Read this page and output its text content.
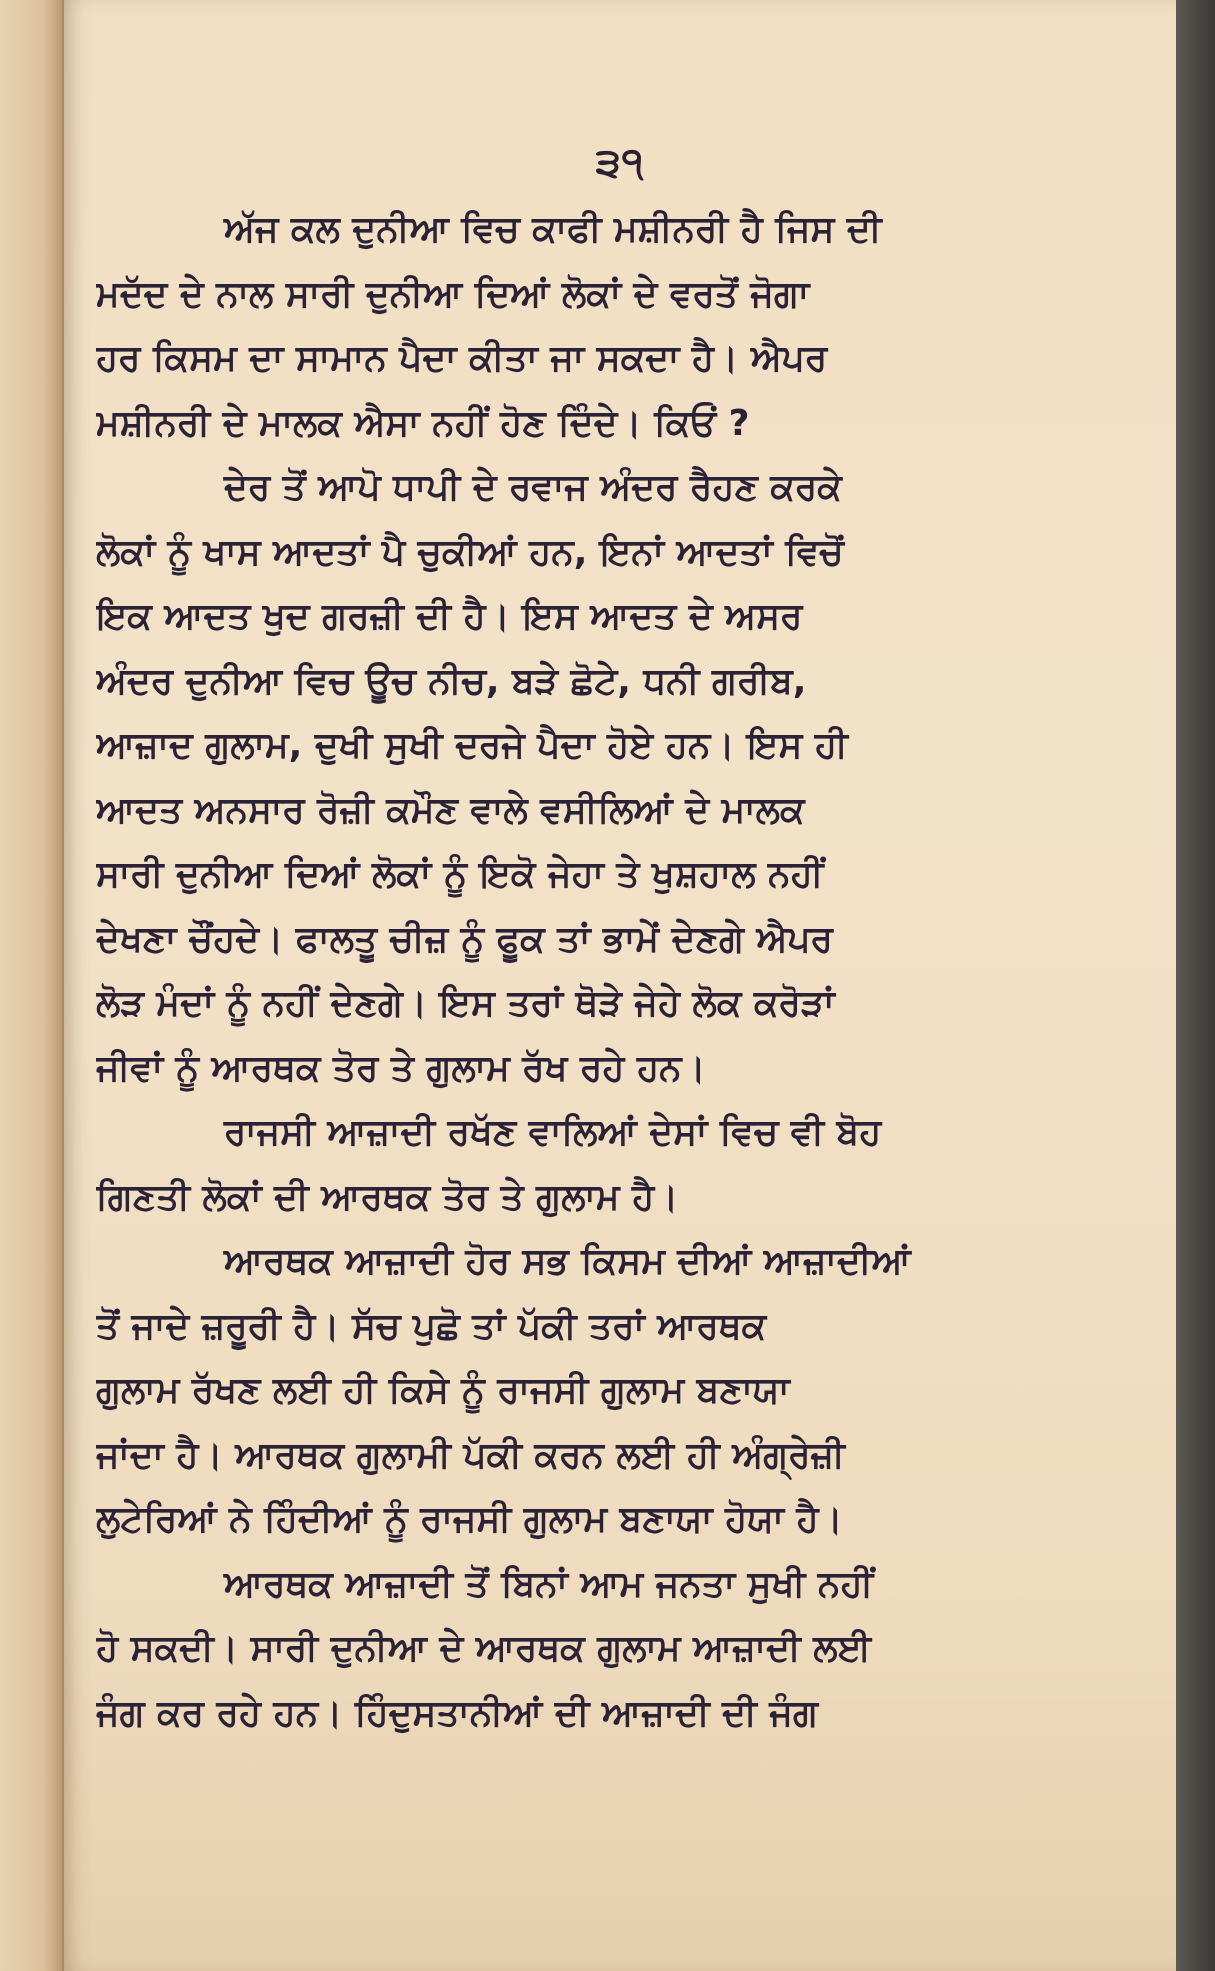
੩੧
ਅੱਜ ਕਲ ਦੁਨੀਆ ਵਿਚ ਕਾਫੀ ਮਸ਼ੀਨਰੀ ਹੈ ਜਿਸ ਦੀ
ਮਦੱਦ ਦੇ ਨਾਲ ਸਾਰੀ ਦੁਨੀਆ ਦਿਆਂ ਲੋਕਾਂ ਦੇ ਵਰਤੋਂ ਜੋਗਾ
ਹਰ ਕਿਸਮ ਦਾ ਸਾਮਾਨ ਪੈਦਾ ਕੀਤਾ ਜਾ ਸਕਦਾ ਹੈ। ਐਪਰ
ਮਸ਼ੀਨਰੀ ਦੇ ਮਾਲਕ ਐਸਾ ਨਹੀਂ ਹੋਣ ਦਿੰਦੇ। ਕਿਓਂ ?
ਦੇਰ ਤੋਂ ਆਪੋ ਧਾਪੀ ਦੇ ਰਵਾਜ ਅੰਦਰ ਰੈਹਣ ਕਰਕੇ
ਲੋਕਾਂ ਨੂੰ ਖਾਸ ਆਦਤਾਂ ਪੈ ਚੁਕੀਆਂ ਹਨ, ਇਨਾਂ ਆਦਤਾਂ ਵਿਚੋਂ
ਇਕ ਆਦਤ ਖੁਦ ਗਰਜ਼ੀ ਦੀ ਹੈ। ਇਸ ਆਦਤ ਦੇ ਅਸਰ
ਅੰਦਰ ਦੁਨੀਆ ਵਿਚ ਊਚ ਨੀਚ, ਬੜੇ ਛੋਟੇ, ਧਨੀ ਗਰੀਬ,
ਆਜ਼ਾਦ ਗੁਲਾਮ, ਦੁਖੀ ਸੁਖੀ ਦਰਜੇ ਪੈਦਾ ਹੋਏ ਹਨ। ਇਸ ਹੀ
ਆਦਤ ਅਨਸਾਰ ਰੋਜ਼ੀ ਕਮੌਣ ਵਾਲੇ ਵਸੀਲਿਆਂ ਦੇ ਮਾਲਕ
ਸਾਰੀ ਦੁਨੀਆ ਦਿਆਂ ਲੋਕਾਂ ਨੂੰ ਇਕੋ ਜੇਹਾ ਤੇ ਖੁਸ਼ਹਾਲ ਨਹੀਂ
ਦੇਖਣਾ ਚੌਂਹਦੇ। ਫਾਲਤੂ ਚੀਜ਼ ਨੂੰ ਫੂਕ ਤਾਂ ਭਾਮੇਂ ਦੇਣਗੇ ਐਪਰ
ਲੋੜ ਮੰਦਾਂ ਨੂੰ ਨਹੀਂ ਦੇਣਗੇ। ਇਸ ਤਰਾਂ ਥੋੜੇ ਜੇਹੇ ਲੋਕ ਕਰੋੜਾਂ
ਜੀਵਾਂ ਨੂੰ ਆਰਥਕ ਤੋਰ ਤੇ ਗੁਲਾਮ ਰੱਖ ਰਹੇ ਹਨ।
ਰਾਜਸੀ ਆਜ਼ਾਦੀ ਰਖੱਣ ਵਾਲਿਆਂ ਦੇਸਾਂ ਵਿਚ ਵੀ ਬੋਹ
ਗਿਣਤੀ ਲੋਕਾਂ ਦੀ ਆਰਥਕ ਤੋਰ ਤੇ ਗੁਲਾਮ ਹੈ।
ਆਰਥਕ ਆਜ਼ਾਦੀ ਹੋਰ ਸਭ ਕਿਸਮ ਦੀਆਂ ਆਜ਼ਾਦੀਆਂ
ਤੋਂ ਜਾਦੇ ਜ਼ਰੂਰੀ ਹੈ। ਸੱਚ ਪੁਛੋ ਤਾਂ ਪੱਕੀ ਤਰਾਂ ਆਰਥਕ
ਗੁਲਾਮ ਰੱਖਣ ਲਈ ਹੀ ਕਿਸੇ ਨੂੰ ਰਾਜਸੀ ਗੁਲਾਮ ਬਣਾਯਾ
ਜਾਂਦਾ ਹੈ। ਆਰਥਕ ਗੁਲਾਮੀ ਪੱਕੀ ਕਰਨ ਲਈ ਹੀ ਅੰਗ੍ਰੇਜ਼ੀ
ਲੁਟੇਰਿਆਂ ਨੇ ਹਿੰਦੀਆਂ ਨੂੰ ਰਾਜਸੀ ਗੁਲਾਮ ਬਣਾਯਾ ਹੋਯਾ ਹੈ।
ਆਰਥਕ ਆਜ਼ਾਦੀ ਤੋਂ ਬਿਨਾਂ ਆਮ ਜਨਤਾ ਸੁਖੀ ਨਹੀਂ
ਹੋ ਸਕਦੀ। ਸਾਰੀ ਦੁਨੀਆ ਦੇ ਆਰਥਕ ਗੁਲਾਮ ਆਜ਼ਾਦੀ ਲਈ
ਜੰਗ ਕਰ ਰਹੇ ਹਨ। ਹਿੰਦੁਸਤਾਨੀਆਂ ਦੀ ਆਜ਼ਾਦੀ ਦੀ ਜੰਗ
